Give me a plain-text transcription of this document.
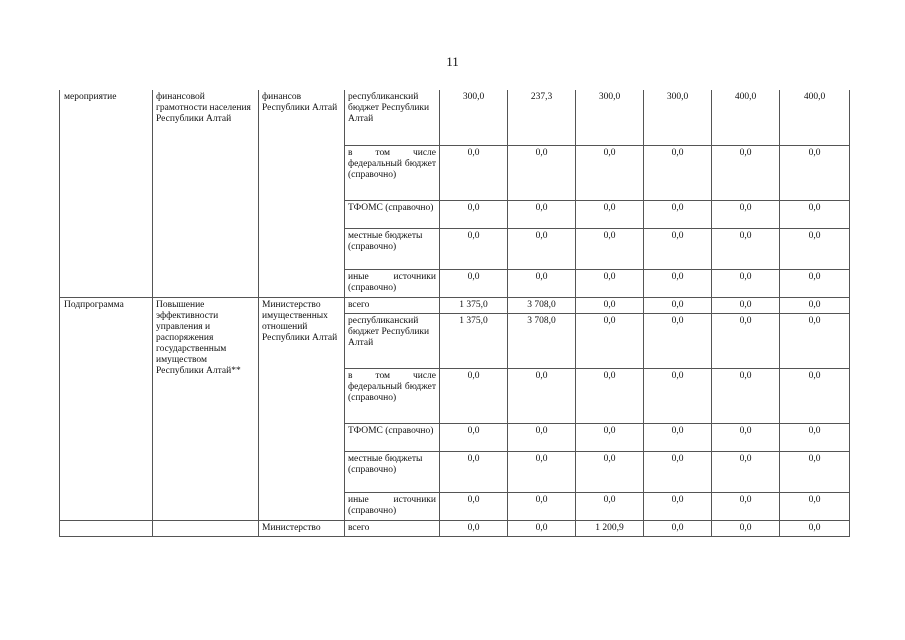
11
мероприятие	финансовой грамотности населения Республики Алтай	финансов Республики Алтай	республиканский бюджет Республики Алтай	300,0	237,3	300,0	300,0	400,0	400,0
			в том числе федеральный бюджет (справочно)	0,0	0,0	0,0	0,0	0,0	0,0
			ТФОМС (справочно)	0,0	0,0	0,0	0,0	0,0	0,0
			местные бюджеты (справочно)	0,0	0,0	0,0	0,0	0,0	0,0
			иные источники (справочно)	0,0	0,0	0,0	0,0	0,0	0,0
Подпрограмма	Повышение эффективности управления и распоряжения государственным имуществом Республики Алтай**	Министерство имущественных отношений Республики Алтай	всего	1 375,0	3 708,0	0,0	0,0	0,0	0,0
			республиканский бюджет Республики Алтай	1 375,0	3 708,0	0,0	0,0	0,0	0,0
			в том числе федеральный бюджет (справочно)	0,0	0,0	0,0	0,0	0,0	0,0
			ТФОМС (справочно)	0,0	0,0	0,0	0,0	0,0	0,0
			местные бюджеты (справочно)	0,0	0,0	0,0	0,0	0,0	0,0
			иные источники (справочно)	0,0	0,0	0,0	0,0	0,0	0,0
		Министерство	всего	0,0	0,0	1 200,9	0,0	0,0	0,0
